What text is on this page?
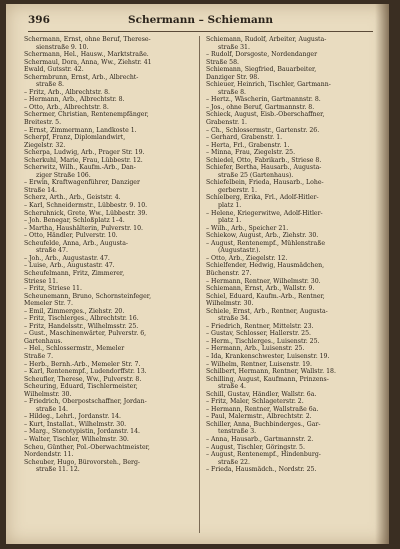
396	Schermann – Schiemann
Schermann, Ernst, ohne Beruf, Therese-
sienstraße 9. 10.
Schermann, Hel., Hausw., Marktstraße.
Schermaul, Dora, Anna, Ww., Ziehstr. 41
Ewald, Gutsstr. 42.
Schermbrunn, Ernst, Arb., Albrecht-
straße 8.
– Fritz, Arb., Albrechtstr. 8.
– Hermann, Arb., Albrechtstr. 8.
– Otto, Arb., Albrechtstr. 8.
Schermer, Christian, Rentenempfänger,
Breitestr. 5.
– Ernst, Zimmermann, Landkoste 1.
Scherpf, Franz, Diplomlandwirt,
Ziegelstr. 32.
Scherpa, Ludwig, Arb., Prager Str. 19.
Scherkuhl, Marie, Frau, Lübbestr. 12.
Scherwitz, Wilh., Kaufm.-Arb., Dan-
ziger Straße 106.
– Erwin, Kraftwagenführer, Danziger
Straße 14.
Scherz, Arth., Arb., Geiststr. 4.
– Karl, Schneidermstr., Lübbestr. 9. 10.
Scheruhnick, Grete, Ww., Lübbestr. 39.
– Joh. Benegar, Schloßplatz 1–4.
– Martha, Haushälterin, Pulverstr. 10.
– Otto, Händler, Pulverstr. 10.
Scheufelde, Anna, Arb., Augusta-
straße 47.
– Joh., Arb., Augustastr. 47.
– Luise, Arb., Augustastr. 47.
Scheufelmann, Fritz, Zimmerer,
Striese 11.
– Fritz, Striese 11.
Scheunemann, Bruno, Schornsteinfeger,
Memeler Str. 7.
– Emil, Zimmerges., Ziehstr. 20.
– Fritz, Tischlerges., Albrechtstr. 16.
– Fritz, Handelsstr., Wilhelmsstr. 25.
– Gust., Maschinenwärter, Pulverstr. 6,
Gartenhaus.
– Hel., Schlossermstr., Memeler
Straße 7.
– Herb., Bernh.-Arb., Memeler Str. 7.
– Karl, Rentenempf., Ludendorffstr. 13.
Scheufler, Therese, Ww., Pulverstr. 8.
Scheuring, Eduard, Tischlermeister,
Wilhelmstr. 30.
– Friedrich, Oberpostschaffner, Jordan-
straße 14.
– Hildeg., Lehrl., Jordanstr. 14.
– Kurt, Installat., Wilhelmstr. 30.
– Marg., Stenotypistin, Jordanstr. 14.
– Walter, Tischler, Wilhelmstr. 30.
Scheu, Günther, Pol.-Oberwachtmeister,
Nordendstr. 11.
Scheuber, Hugo, Bürovorsteh., Berg-
straße 11. 12.
Schiemann, Rudolf, Arbeiter, Augusta-
straße 31.
– Rudolf, Dorsgoste, Nordendanger
Straße 58.
Schiemann, Siegfried, Bauarbeiter,
Danziger Str. 98.
Schieuer, Heinrich, Tischler, Gartmann-
straße 8.
– Hertz., Wäscherin, Gartmannstr. 8.
– Jos., ohne Beruf, Gartmannstr. 8.
Schieck, August, Eisb.-Oberschaffner,
Grabenstr. 1.
– Ch., Schlossermstr., Gartenstr. 26.
– Gerhard, Grabenstr. 1.
– Herta, Frl., Grabenstr. 1.
– Minna, Frau, Ziegelstr. 25.
Schiedel, Otto, Fabrikarb., Striese 8.
Schiefer, Bertha, Hausarb., Augusta-
straße 25 (Gartenhaus).
Schiefelbein, Frieda, Hausarb., Lohe-
gerberstr. 1.
Schielberg, Erika, Frl., Adolf-Hitler-
platz 1.
– Helene, Kriegerwitwe, Adolf-Hitler-
platz 1.
– Wilh., Arb., Speicher 21.
Schiekow, August, Arb., Ziehstr. 30.
– August, Rentenempf., Mühlenstraße
(Augustastr.).
– Otto, Arb., Ziegelstr. 12.
Schielfender, Hedwig, Hausmädchen,
Büchenstr. 27.
– Hermann, Rentner, Wilhelmstr. 30.
Schiemann, Ernst, Arb., Wallstr. 9.
Schiel, Eduard, Kaufm.-Arb., Rentner,
Wilhelmstr. 30.
Schiele, Ernst, Arb., Rentner, Augusta-
straße 34.
– Friedrich, Rentner, Mittelstr. 23.
– Gustav, Schlosser, Hallerstr. 25.
– Herm., Tischlerges., Luisenstr. 25.
– Hermann, Arb., Luisenstr. 25.
– Ida, Krankenschwester, Luisenstr. 19.
– Wilhelm, Rentner, Luisenstr. 19.
Schilbert, Hermann, Rentner, Wallstr. 18.
Schilling, August, Kaufmann, Prinzens-
straße 4.
Schill, Gustav, Händler, Wallstr. 6a.
– Fritz, Maler, Schlageterstr. 2.
– Hermann, Rentner, Wallstraße 6a.
– Paul, Malermstr., Albrechtstr. 2.
Schiller, Anna, Buchbinderges., Gar-
tenstraße 3.
– Anna, Hausarb., Gartmannstr. 2.
– August, Tischler, Göringstr. 5.
– August, Rentenempf., Hindenburg-
straße 22.
– Frieda, Hausmädch., Nordstr. 25.
